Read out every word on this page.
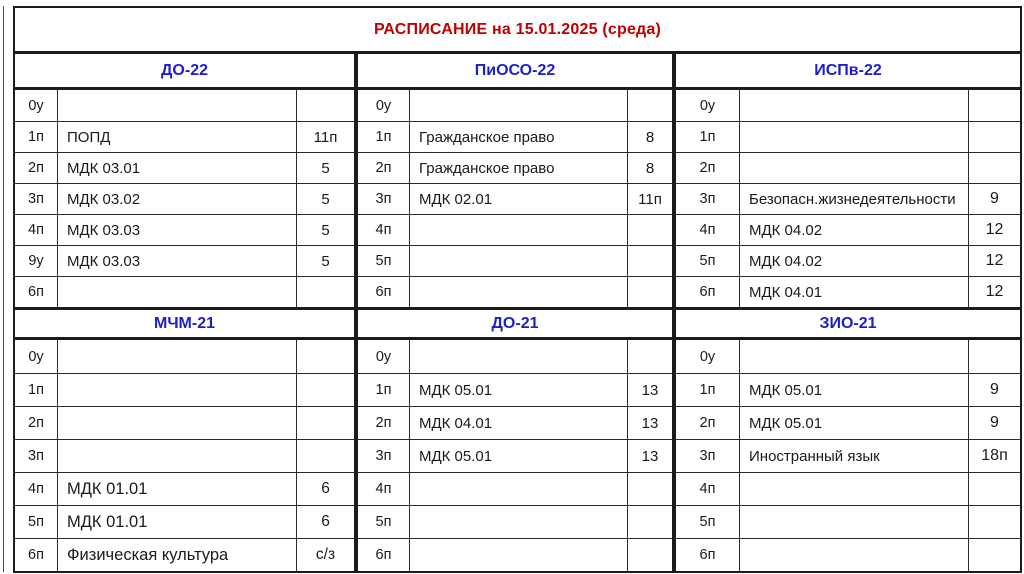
РАСПИСАНИЕ на 15.01.2025 (среда)
ДО-22
0у
1п	ПОПД	11п
2п	МДК 03.01	5
3п	МДК 03.02	5
4п	МДК 03.03	5
9у	МДК 03.03	5
6п
ПиОСО-22
0у
1п	Гражданское право	8
2п	Гражданское право	8
3п	МДК 02.01	11п
4п
5п
6п
ИСПв-22
0у
1п
2п
3п	Безопасн.жизнедеятельности	9
4п	МДК 04.02	12
5п	МДК 04.02	12
6п	МДК 04.01	12
МЧМ-21
0у
1п
2п
3п
4п	МДК 01.01	6
5п	МДК 01.01	6
6п	Физическая культура	с/з
ДО-21
0у
1п	МДК 05.01	13
2п	МДК 04.01	13
3п	МДК 05.01	13
4п
5п
6п
ЗИО-21
0у
1п	МДК 05.01	9
2п	МДК 05.01	9
3п	Иностранный язык	18п
4п
5п
6п
